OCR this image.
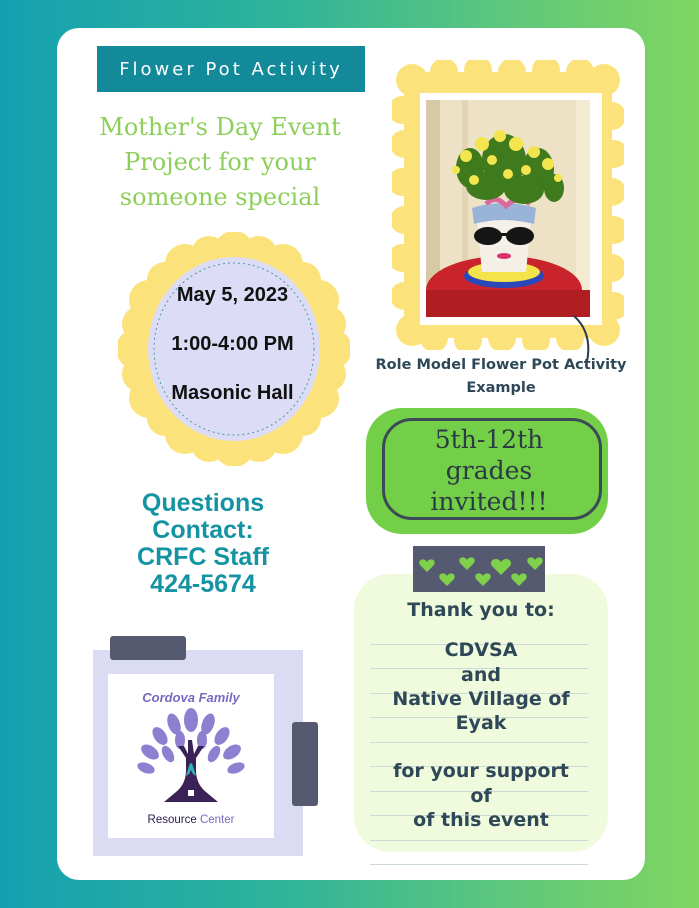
Flower Pot Activity
Mother's Day Event
Project for your
someone special
May 5, 2023
1:00-4:00 PM
Masonic Hall
Questions
Contact:
CRFC Staff
424-5674
Role Model Flower Pot Activity
Example
5th-12th
grades
invited!!!
Thank you to:
CDVSA
and
Native Village of
Eyak
for your support
of
of this event
Cordova Family
Resource Center
